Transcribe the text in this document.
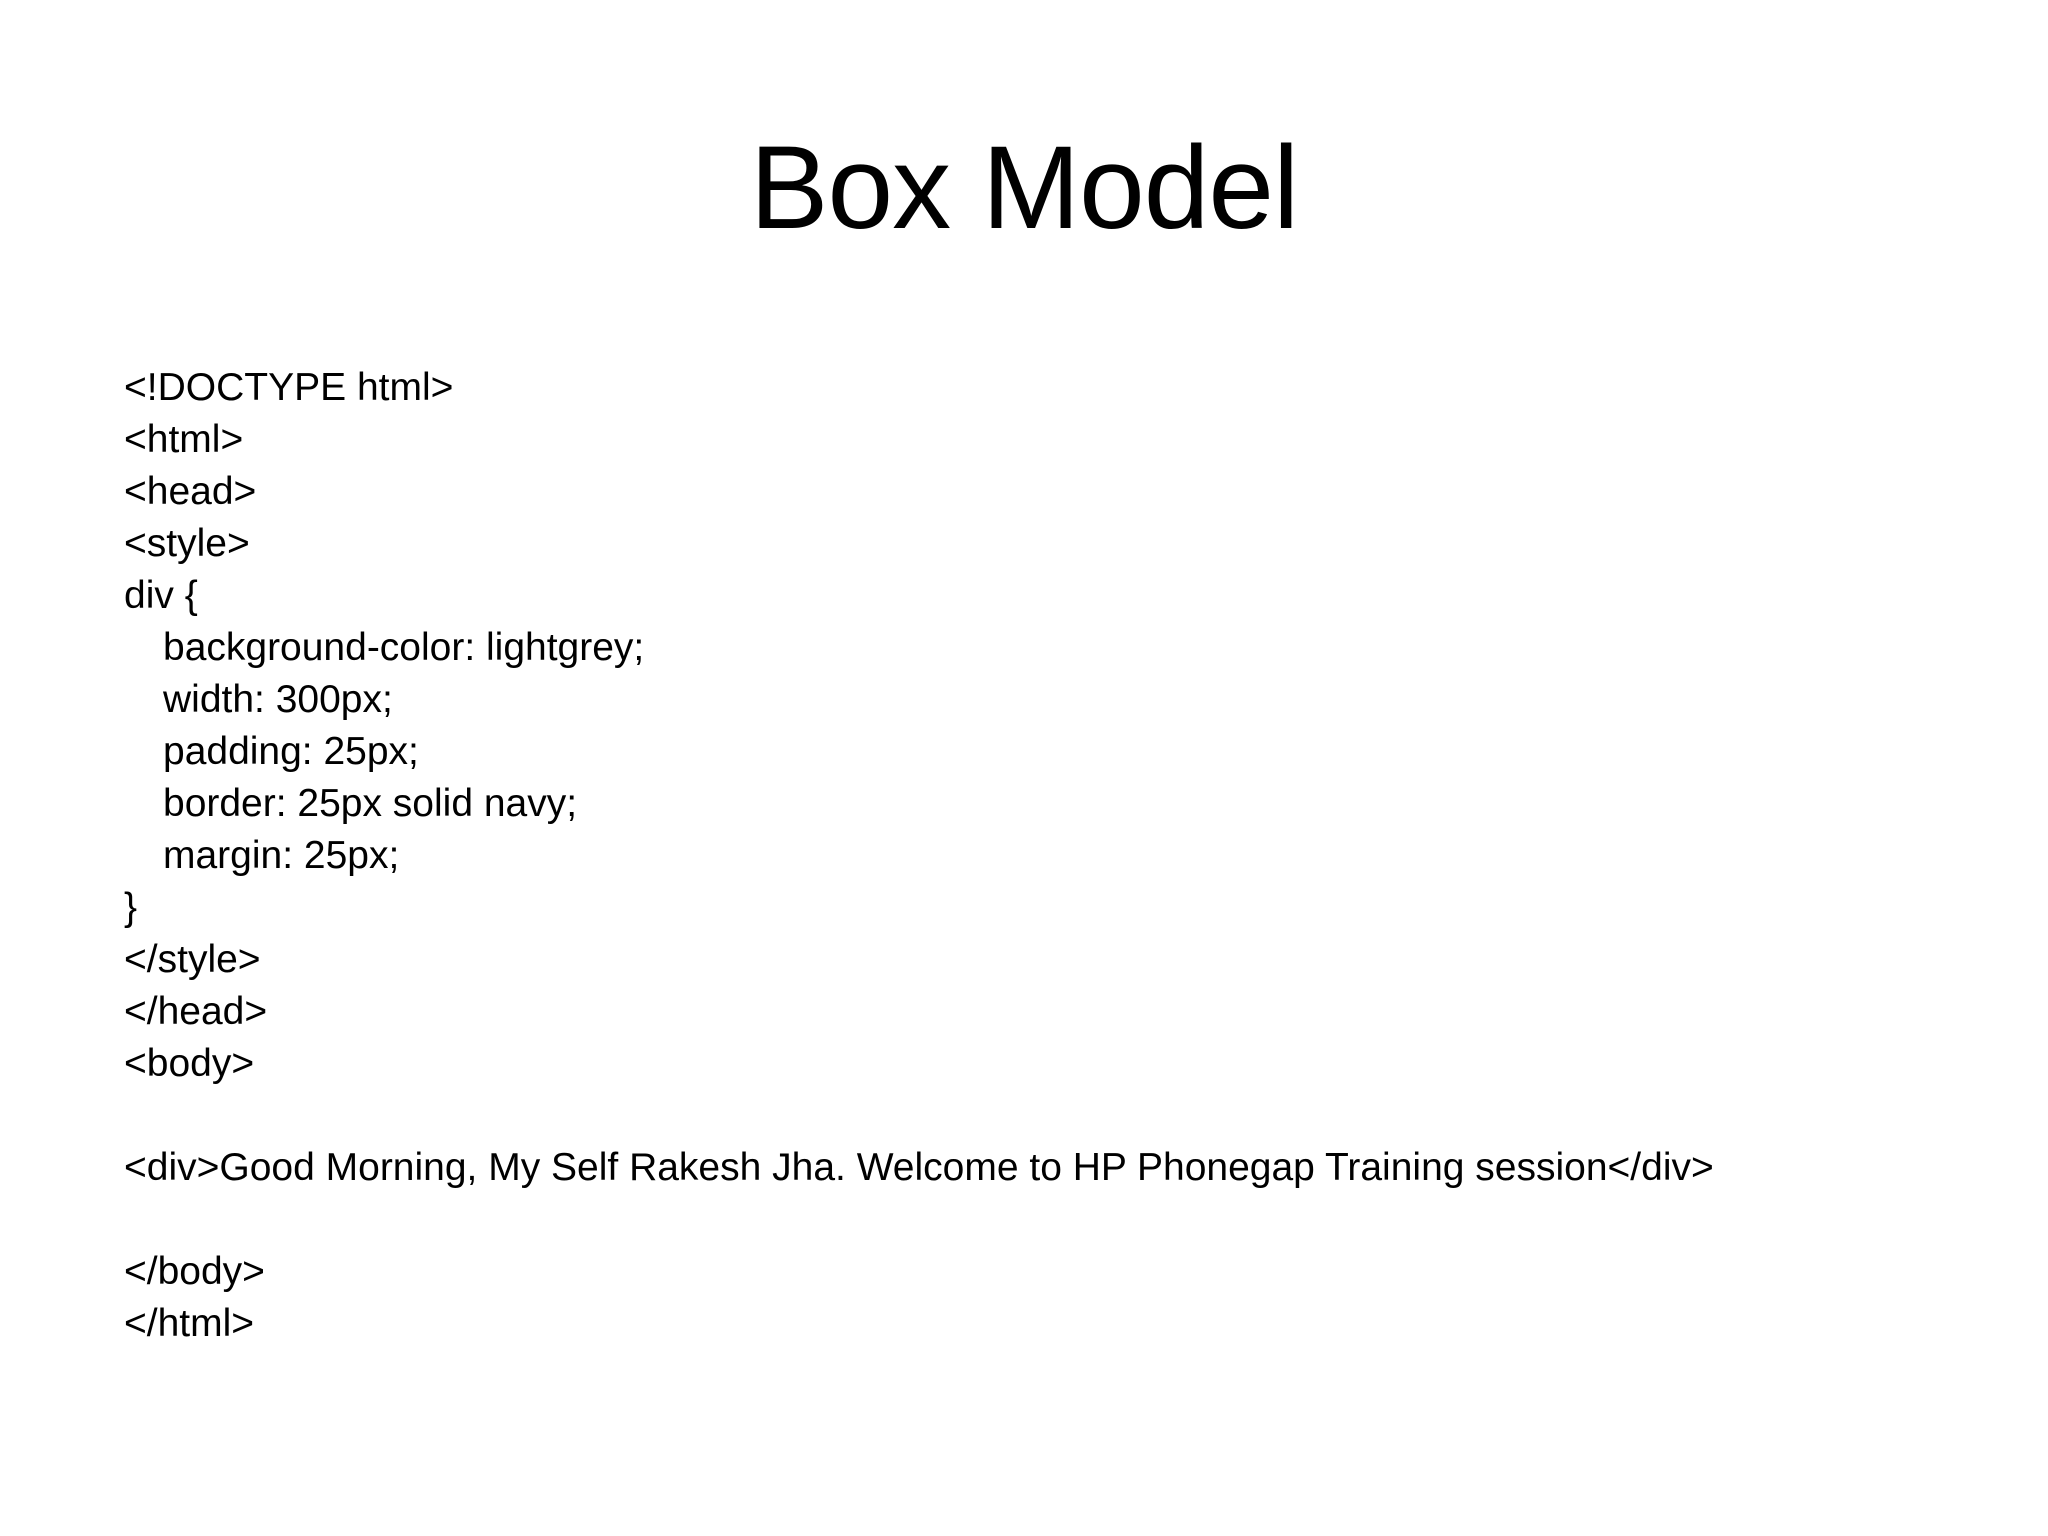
Box Model
<!DOCTYPE html>
<html>
<head>
<style>
div {
background-color: lightgrey;
width: 300px;
padding: 25px;
border: 25px solid navy;
margin: 25px;
}
</style>
</head>
<body>
<div>Good Morning, My Self Rakesh Jha. Welcome to HP Phonegap Training session</div>
</body>
</html>
